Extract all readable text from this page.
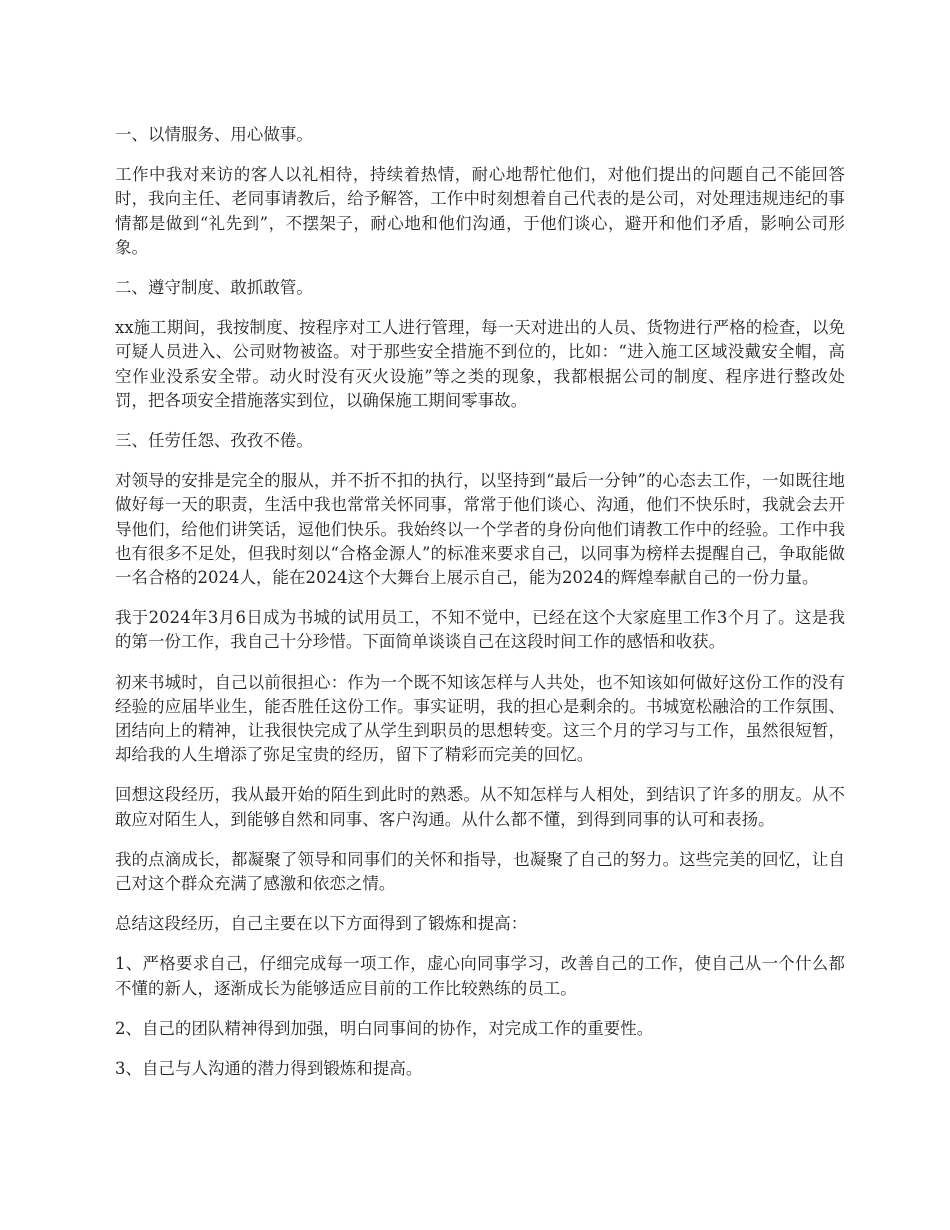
一、以情服务、用心做事。

工作中我对来访的客人以礼相待，持续着热情，耐心地帮忙他们，对他们提出的问题自己不能回答时，我向主任、老同事请教后，给予解答，工作中时刻想着自己代表的是公司，对处理违规违纪的事情都是做到“礼先到”，不摆架子，耐心地和他们沟通，于他们谈心，避开和他们矛盾，影响公司形象。

二、遵守制度、敢抓敢管。

xx施工期间，我按制度、按程序对工人进行管理，每一天对进出的人员、货物进行严格的检查，以免可疑人员进入、公司财物被盗。对于那些安全措施不到位的，比如：“进入施工区域没戴安全帽，高空作业没系安全带。动火时没有灭火设施”等之类的现象，我都根据公司的制度、程序进行整改处罚，把各项安全措施落实到位，以确保施工期间零事故。

三、任劳任怨、孜孜不倦。

对领导的安排是完全的服从，并不折不扣的执行，以坚持到“最后一分钟”的心态去工作，一如既往地做好每一天的职责，生活中我也常常关怀同事，常常于他们谈心、沟通，他们不快乐时，我就会去开导他们，给他们讲笑话，逗他们快乐。我始终以一个学者的身份向他们请教工作中的经验。工作中我也有很多不足处，但我时刻以“合格金源人”的标准来要求自己，以同事为榜样去提醒自己，争取能做一名合格的2024人，能在2024这个大舞台上展示自己，能为2024的辉煌奉献自己的一份力量。

我于2024年3月6日成为书城的试用员工，不知不觉中，已经在这个大家庭里工作3个月了。这是我的第一份工作，我自己十分珍惜。下面简单谈谈自己在这段时间工作的感悟和收获。

初来书城时，自己以前很担心：作为一个既不知该怎样与人共处，也不知该如何做好这份工作的没有经验的应届毕业生，能否胜任这份工作。事实证明，我的担心是剩余的。书城宽松融洽的工作氛围、团结向上的精神，让我很快完成了从学生到职员的思想转变。这三个月的学习与工作，虽然很短暂，却给我的人生增添了弥足宝贵的经历，留下了精彩而完美的回忆。

回想这段经历，我从最开始的陌生到此时的熟悉。从不知怎样与人相处，到结识了许多的朋友。从不敢应对陌生人，到能够自然和同事、客户沟通。从什么都不懂，到得到同事的认可和表扬。

我的点滴成长，都凝聚了领导和同事们的关怀和指导，也凝聚了自己的努力。这些完美的回忆，让自己对这个群众充满了感激和依恋之情。

总结这段经历，自己主要在以下方面得到了锻炼和提高：

1、严格要求自己，仔细完成每一项工作，虚心向同事学习，改善自己的工作，使自己从一个什么都不懂的新人，逐渐成长为能够适应目前的工作比较熟练的员工。

2、自己的团队精神得到加强，明白同事间的协作，对完成工作的重要性。

3、自己与人沟通的潜力得到锻炼和提高。
